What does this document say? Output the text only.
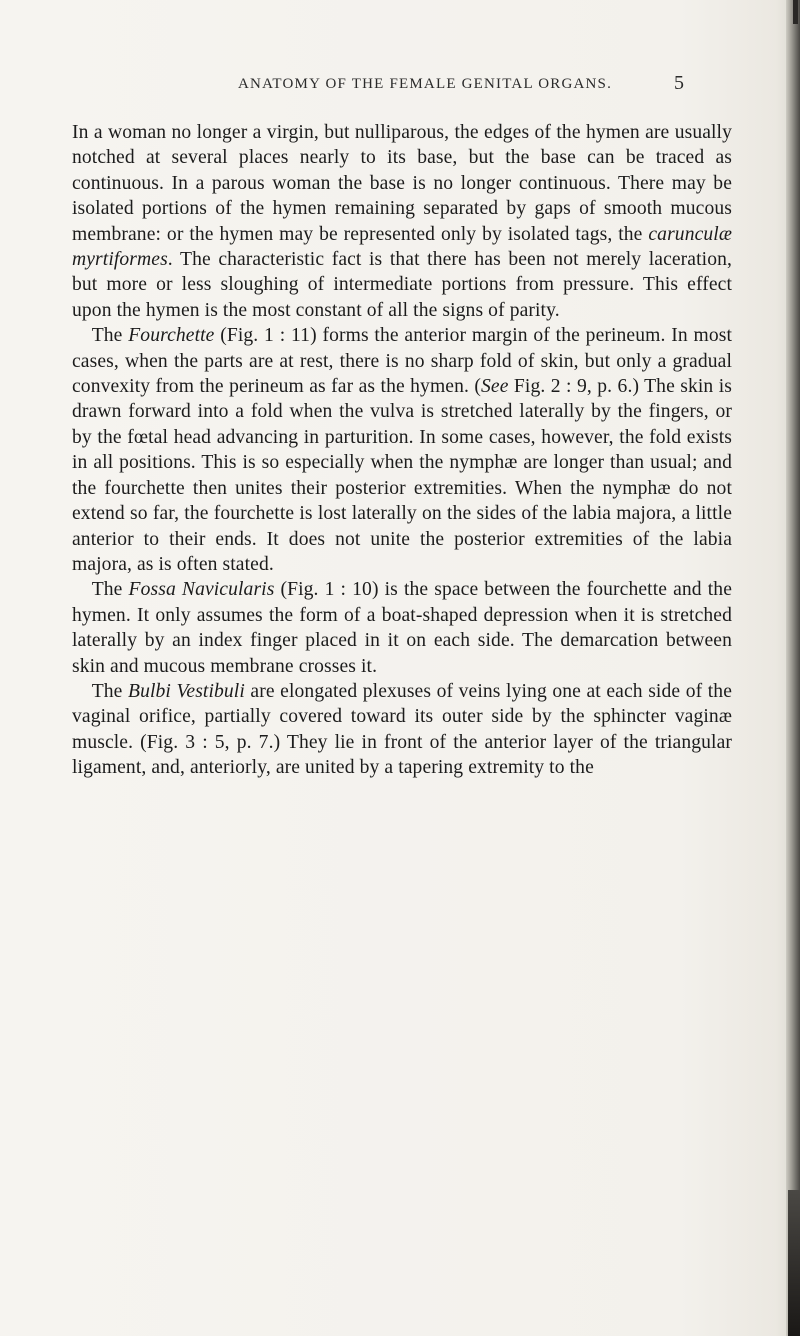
ANATOMY OF THE FEMALE GENITAL ORGANS.	5

In a woman no longer a virgin, but nulliparous, the edges of the hymen are usually notched at several places nearly to its base, but the base can be traced as continuous. In a parous woman the base is no longer continuous. There may be isolated portions of the hymen remaining separated by gaps of smooth mucous membrane: or the hymen may be represented only by isolated tags, the carunculæ myrtiformes. The characteristic fact is that there has been not merely laceration, but more or less sloughing of intermediate portions from pressure. This effect upon the hymen is the most constant of all the signs of parity.

 The Fourchette (Fig. 1 : 11) forms the anterior margin of the perineum. In most cases, when the parts are at rest, there is no sharp fold of skin, but only a gradual convexity from the perineum as far as the hymen. (See Fig. 2 : 9, p. 6.) The skin is drawn forward into a fold when the vulva is stretched laterally by the fingers, or by the fœtal head advancing in parturition. In some cases, however, the fold exists in all positions. This is so especially when the nymphæ are longer than usual; and the fourchette then unites their posterior extremities. When the nymphæ do not extend so far, the fourchette is lost laterally on the sides of the labia majora, a little anterior to their ends. It does not unite the posterior extremities of the labia majora, as is often stated.

 The Fossa Navicularis (Fig. 1 : 10) is the space between the fourchette and the hymen. It only assumes the form of a boat-shaped depression when it is stretched laterally by an index finger placed in it on each side. The demarcation between skin and mucous membrane crosses it.

 The Bulbi Vestibuli are elongated plexuses of veins lying one at each side of the vaginal orifice, partially covered toward its outer side by the sphincter vaginæ muscle. (Fig. 3 : 5, p. 7.) They lie in front of the anterior layer of the triangular ligament, and, anteriorly, are united by a tapering extremity to the
